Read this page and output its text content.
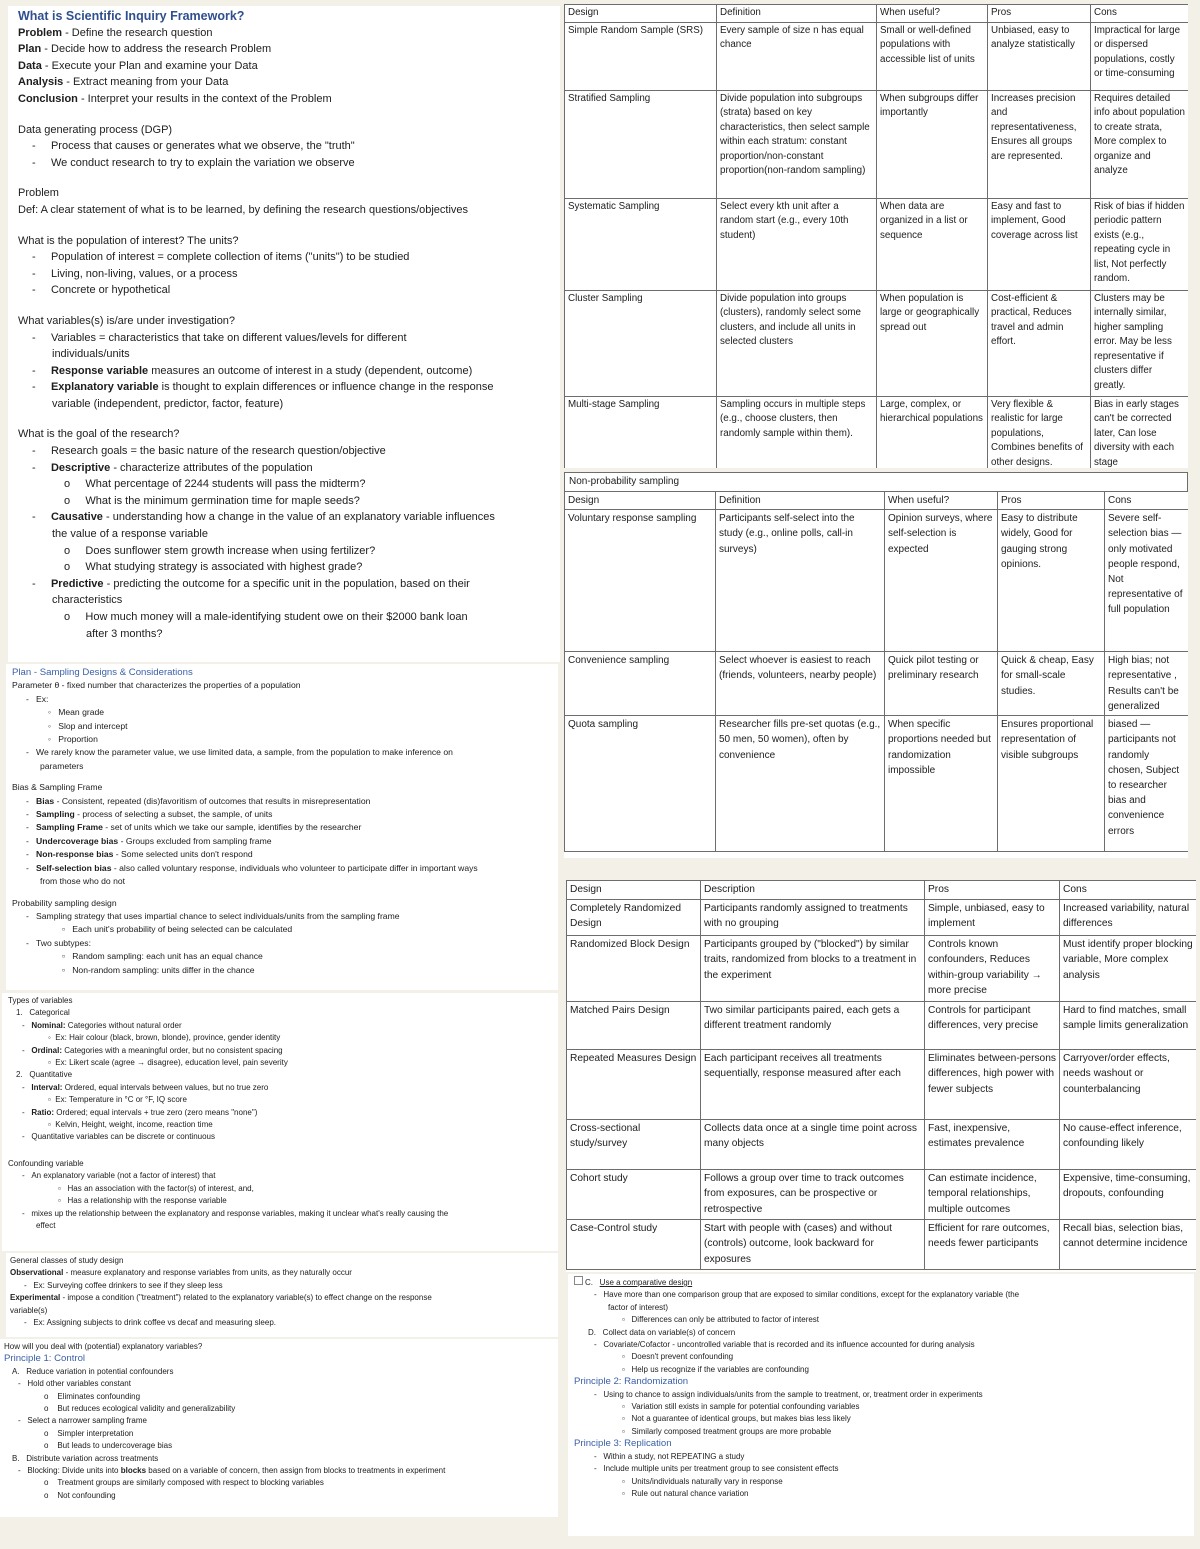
What is Scientific Inquiry Framework?
Problem - Define the research question
Plan - Decide how to address the research Problem
Data - Execute your Plan and examine your Data
Analysis - Extract meaning from your Data
Conclusion - Interpret your results in the context of the Problem
Data generating process (DGP)
-     Process that causes or generates what we observe, the "truth"
-     We conduct research to try to explain the variation we observe
Problem
Def: A clear statement of what is to be learned, by defining the research questions/objectives
What is the population of interest? The units?
-     Population of interest = complete collection of items ("units") to be studied
-     Living, non-living, values, or a process
-     Concrete or hypothetical
What variables(s) is/are under investigation?
-     Variables = characteristics that take on different values/levels for different
individuals/units
-     Response variable measures an outcome of interest in a study (dependent, outcome)
-     Explanatory variable is thought to explain differences or influence change in the response
variable (independent, predictor, factor, feature)
What is the goal of the research?
-     Research goals = the basic nature of the research question/objective
-     Descriptive - characterize attributes of the population
o     What percentage of 2244 students will pass the midterm?
o     What is the minimum germination time for maple seeds?
-     Causative - understanding how a change in the value of an explanatory variable influences
the value of a response variable
o     Does sunflower stem growth increase when using fertilizer?
o     What studying strategy is associated with highest grade?
-     Predictive - predicting the outcome for a specific unit in the population, based on their
characteristics
o     How much money will a male-identifying student owe on their $2000 bank loan
after 3 months?
Plan - Sampling Designs & Considerations
Parameter θ - fixed number that characterizes the properties of a population
-   Ex:
◦   Mean grade
◦   Slop and intercept
◦   Proportion
-   We rarely know the parameter value, we use limited data, a sample, from the population to make inference on
parameters
Bias & Sampling Frame
-   Bias - Consistent, repeated (dis)favoritism of outcomes that results in misrepresentation
-   Sampling - process of selecting a subset, the sample, of units
-   Sampling Frame - set of units which we take our sample, identifies by the researcher
-   Undercoverage bias - Groups excluded from sampling frame
-   Non-response bias - Some selected units don't respond
-   Self-selection bias - also called voluntary response, individuals who volunteer to participate differ in important ways
from those who do not
Probability sampling design
-   Sampling strategy that uses impartial chance to select individuals/units from the sampling frame
▫   Each unit's probability of being selected can be calculated
-   Two subtypes:
▫   Random sampling: each unit has an equal chance
▫   Non-random sampling: units differ in the chance
Types of variables
1. Categorical
-   Nominal: Categories without natural order
◦  Ex: Hair colour (black, brown, blonde), province, gender identity
-   Ordinal: Categories with a meaningful order, but no consistent spacing
▫  Ex: Likert scale (agree → disagree), education level, pain severity
2. Quantitative
-   Interval: Ordered, equal intervals between values, but no true zero
▫  Ex: Temperature in °C or °F, IQ score
-   Ratio: Ordered; equal intervals + true zero (zero means "none")
▫  Kelvin, Height, weight, income, reaction time
-   Quantitative variables can be discrete or continuous
Confounding variable
-   An explanatory variable (not a factor of interest) that
▫   Has an association with the factor(s) of interest, and,
▫   Has a relationship with the response variable
-   mixes up the relationship between the explanatory and response variables, making it unclear what's really causing the
effect
General classes of study design
Observational - measure explanatory and response variables from units, as they naturally occur
-   Ex: Surveying coffee drinkers to see if they sleep less
Experimental - impose a condition ("treatment") related to the explanatory variable(s) to effect change on the response
variable(s)
-   Ex: Assigning subjects to drink coffee vs decaf and measuring sleep.
How will you deal with (potential) explanatory variables?
Principle 1: Control
A. Reduce variation in potential confounders
-   Hold other variables constant
o    Eliminates confounding
o    But reduces ecological validity and generalizability
-   Select a narrower sampling frame
o    Simpler interpretation
o    But leads to undercoverage bias
B. Distribute variation across treatments
-   Blocking: Divide units into blocks based on a variable of concern, then assign from blocks to treatments in experiment
o    Treatment groups are similarly composed with respect to blocking variables
o    Not confounding
Design	Definition	When useful?	Pros	Cons
Simple Random Sample (SRS)	Every sample of size n has equal chance	Small or well-defined populations with accessible list of units	Unbiased, easy to analyze statistically	Impractical for large or dispersed populations, costly or time-consuming
Stratified Sampling	Divide population into subgroups (strata) based on key characteristics, then select sample within each stratum: constant proportion/non-constant proportion(non-random sampling)	When subgroups differ importantly	Increases precision and representativeness, Ensures all groups are represented.	Requires detailed info about population to create strata, More complex to organize and analyze
Systematic Sampling	Select every kth unit after a random start (e.g., every 10th student)	When data are organized in a list or sequence	Easy and fast to implement, Good coverage across list	Risk of bias if hidden periodic pattern exists (e.g., repeating cycle in list, Not perfectly random.
Cluster Sampling	Divide population into groups (clusters), randomly select some clusters, and include all units in selected clusters	When population is large or geographically spread out	Cost-efficient & practical, Reduces travel and admin effort.	Clusters may be internally similar, higher sampling error. May be less representative if clusters differ greatly.
Multi-stage Sampling	Sampling occurs in multiple steps (e.g., choose clusters, then randomly sample within them).	Large, complex, or hierarchical populations	Very flexible & realistic for large populations, Combines benefits of other designs.	Bias in early stages can't be corrected later, Can lose diversity with each stage
Non-probability sampling
Design	Definition	When useful?	Pros	Cons
Voluntary response sampling	Participants self-select into the study (e.g., online polls, call-in surveys)	Opinion surveys, where self-selection is expected	Easy to distribute widely, Good for gauging strong opinions.	Severe self-selection bias — only motivated people respond, Not representative of full population
Convenience sampling	Select whoever is easiest to reach (friends, volunteers, nearby people)	Quick pilot testing or preliminary research	Quick & cheap, Easy for small-scale studies.	High bias; not representative , Results can't be generalized
Quota sampling	Researcher fills pre-set quotas (e.g., 50 men, 50 women), often by convenience	When specific proportions needed but randomization impossible	Ensures proportional representation of visible subgroups	biased — participants not randomly chosen, Subject to researcher bias and convenience errors
Design	Description	Pros	Cons
Completely Randomized Design	Participants randomly assigned to treatments with no grouping	Simple, unbiased, easy to implement	Increased variability, natural differences
Randomized Block Design	Participants grouped by ("blocked") by similar traits, randomized from blocks to a treatment in the experiment	Controls known confounders, Reduces within-group variability → more precise	Must identify proper blocking variable, More complex analysis
Matched Pairs Design	Two similar participants paired, each gets a different treatment randomly	Controls for participant differences, very precise	Hard to find matches, small sample limits generalization
Repeated Measures Design	Each participant receives all treatments sequentially, response measured after each	Eliminates between-persons differences, high power with fewer subjects	Carryover/order effects, needs washout or counterbalancing
Cross-sectional study/survey	Collects data once at a single time point across many objects	Fast, inexpensive, estimates prevalence	No cause-effect inference, confounding likely
Cohort study	Follows a group over time to track outcomes from exposures, can be prospective or retrospective	Can estimate incidence, temporal relationships, multiple outcomes	Expensive, time-consuming, dropouts, confounding
Case-Control study	Start with people with (cases) and without (controls) outcome, look backward for exposures	Efficient for rare outcomes, needs fewer participants	Recall bias, selection bias, cannot determine incidence
C. Use a comparative design
-   Have more than one comparison group that are exposed to similar conditions, except for the explanatory variable (the
factor of interest)
▫   Differences can only be attributed to factor of interest
D. Collect data on variable(s) of concern
-   Covariate/Cofactor - uncontrolled variable that is recorded and its influence accounted for during analysis
▫   Doesn't prevent confounding
▫   Help us recognize if the variables are confounding
Principle 2: Randomization
-   Using to chance to assign individuals/units from the sample to treatment, or, treatment order in experiments
▫   Variation still exists in sample for potential confounding variables
▫   Not a guarantee of identical groups, but makes bias less likely
▫   Similarly composed treatment groups are more probable
Principle 3: Replication
-   Within a study, not REPEATING a study
-   Include multiple units per treatment group to see consistent effects
▫   Units/individuals naturally vary in response
▫   Rule out natural chance variation
